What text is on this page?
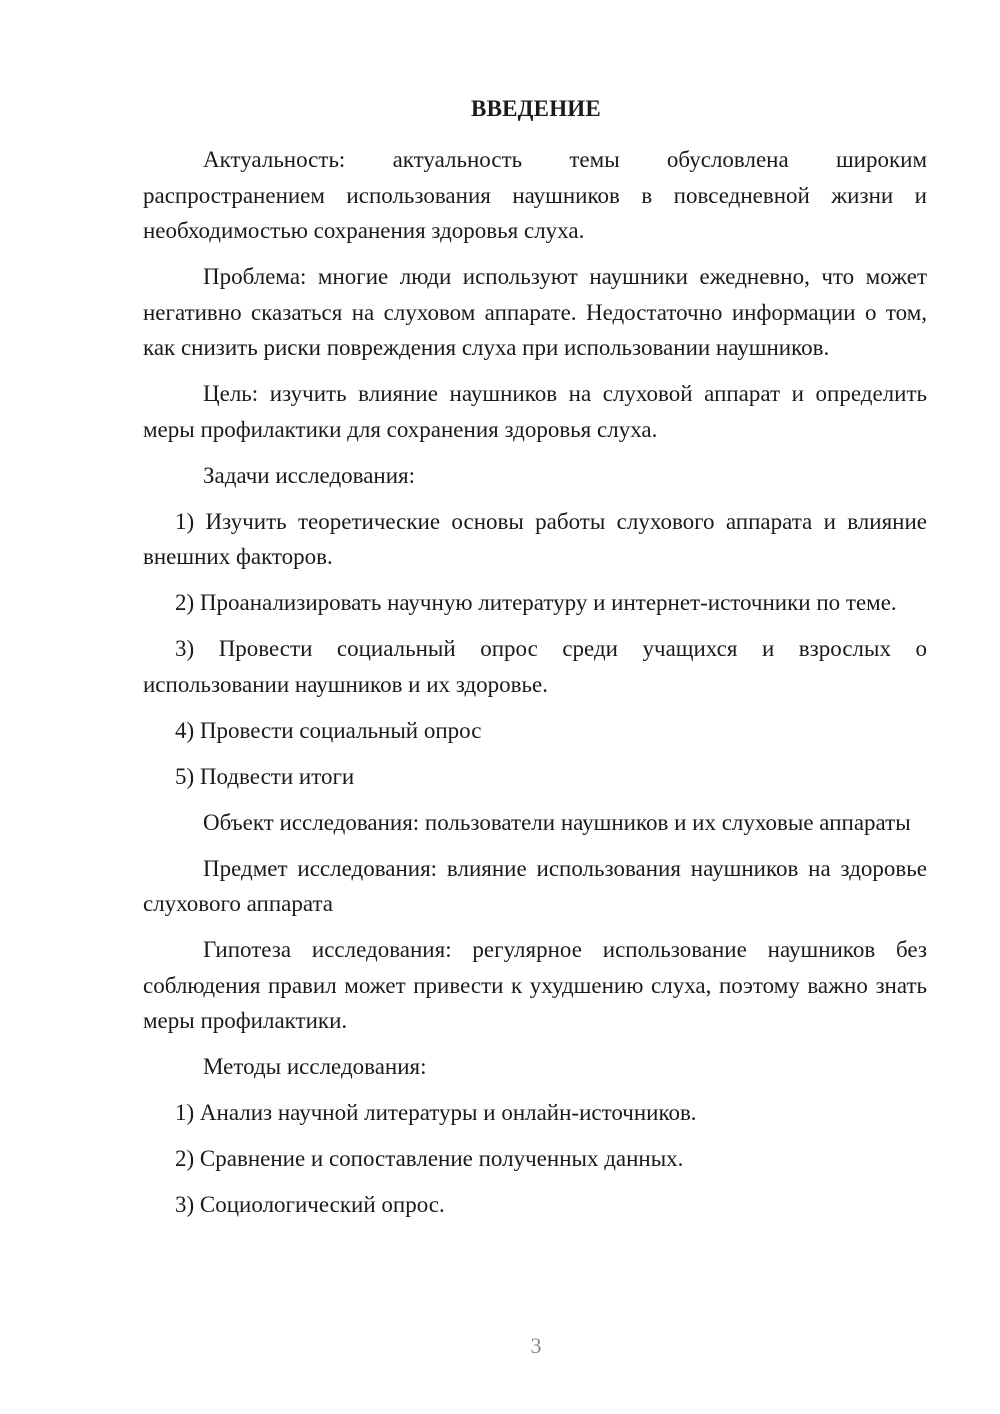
ВВЕДЕНИЕ

Актуальность: актуальность темы обусловлена широким распространением использования наушников в повседневной жизни и необходимостью сохранения здоровья слуха.

Проблема: многие люди используют наушники ежедневно, что может негативно сказаться на слуховом аппарате. Недостаточно информации о том, как снизить риски повреждения слуха при использовании наушников.

Цель: изучить влияние наушников на слуховой аппарат и определить меры профилактики для сохранения здоровья слуха.

Задачи исследования:

1) Изучить теоретические основы работы слухового аппарата и влияние внешних факторов.

2) Проанализировать научную литературу и интернет-источники по теме.

3) Провести социальный опрос среди учащихся и взрослых о использовании наушников и их здоровье.

4) Провести социальный опрос

5) Подвести итоги

Объект исследования: пользователи наушников и их слуховые аппараты

Предмет исследования: влияние использования наушников на здоровье слухового аппарата

Гипотеза исследования: регулярное использование наушников без соблюдения правил может привести к ухудшению слуха, поэтому важно знать меры профилактики.

Методы исследования:

1) Анализ научной литературы и онлайн-источников.

2) Сравнение и сопоставление полученных данных.

3) Социологический опрос.

3
